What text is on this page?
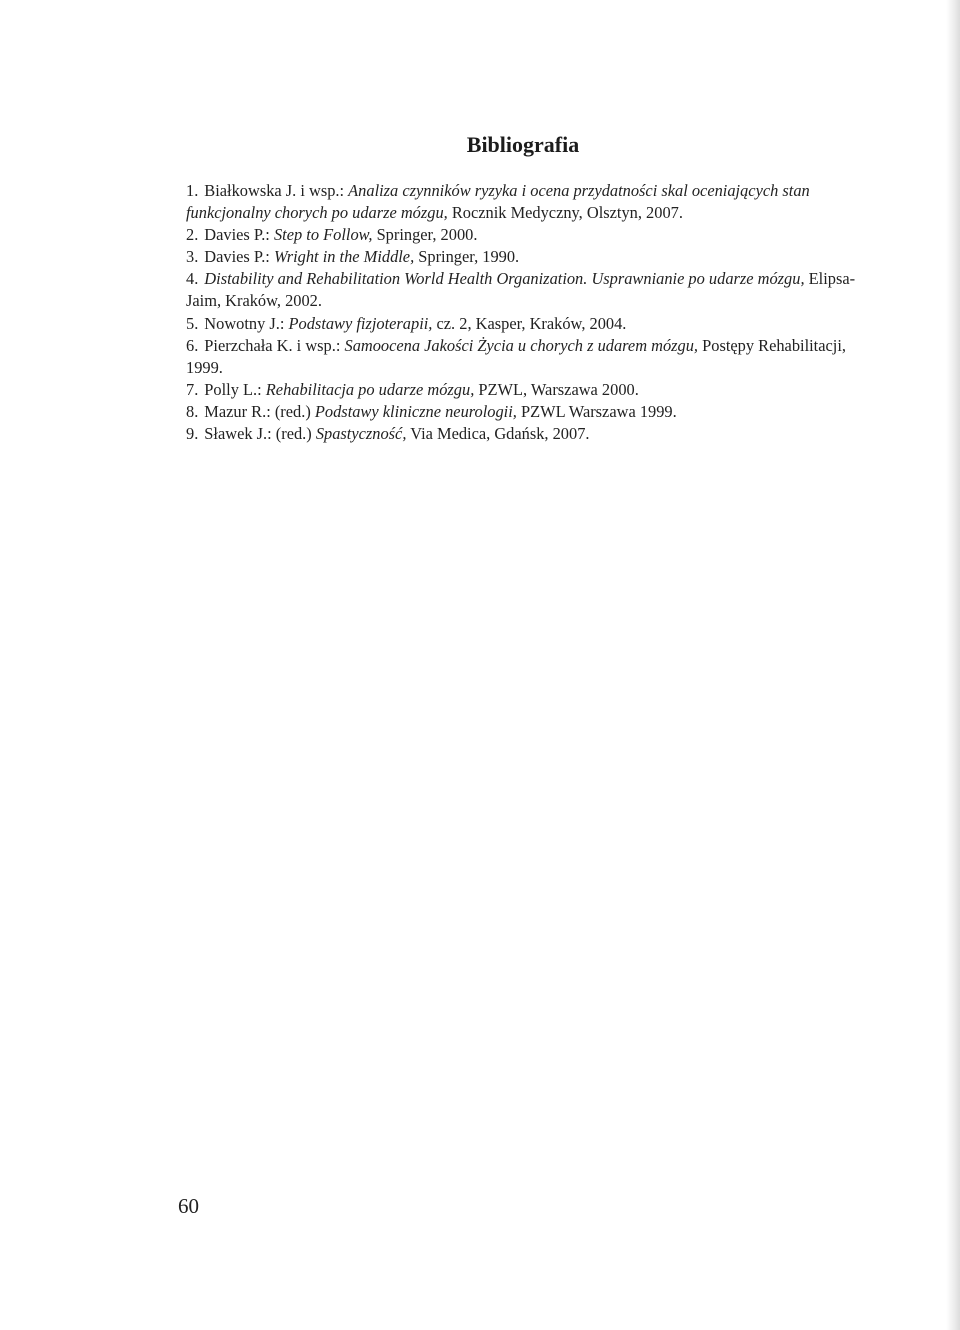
Bibliografia
1. Białkowska J. i wsp.: Analiza czynników ryzyka i ocena przydatności skal oceniających stan funkcjonalny chorych po udarze mózgu, Rocznik Medyczny, Olsztyn, 2007.
2. Davies P.: Step to Follow, Springer, 2000.
3. Davies P.: Wright in the Middle, Springer, 1990.
4. Distability and Rehabilitation World Health Organization. Usprawnianie po udarze mózgu, Elipsa-Jaim, Kraków, 2002.
5. Nowotny J.: Podstawy fizjoterapii, cz. 2, Kasper, Kraków, 2004.
6. Pierzchała K. i wsp.: Samoocena Jakości Życia u chorych z udarem mózgu, Postępy Rehabilitacji, 1999.
7. Polly L.: Rehabilitacja po udarze mózgu, PZWL, Warszawa 2000.
8. Mazur R.: (red.) Podstawy kliniczne neurologii, PZWL Warszawa 1999.
9. Sławek J.: (red.) Spastyczność, Via Medica, Gdańsk, 2007.

60
